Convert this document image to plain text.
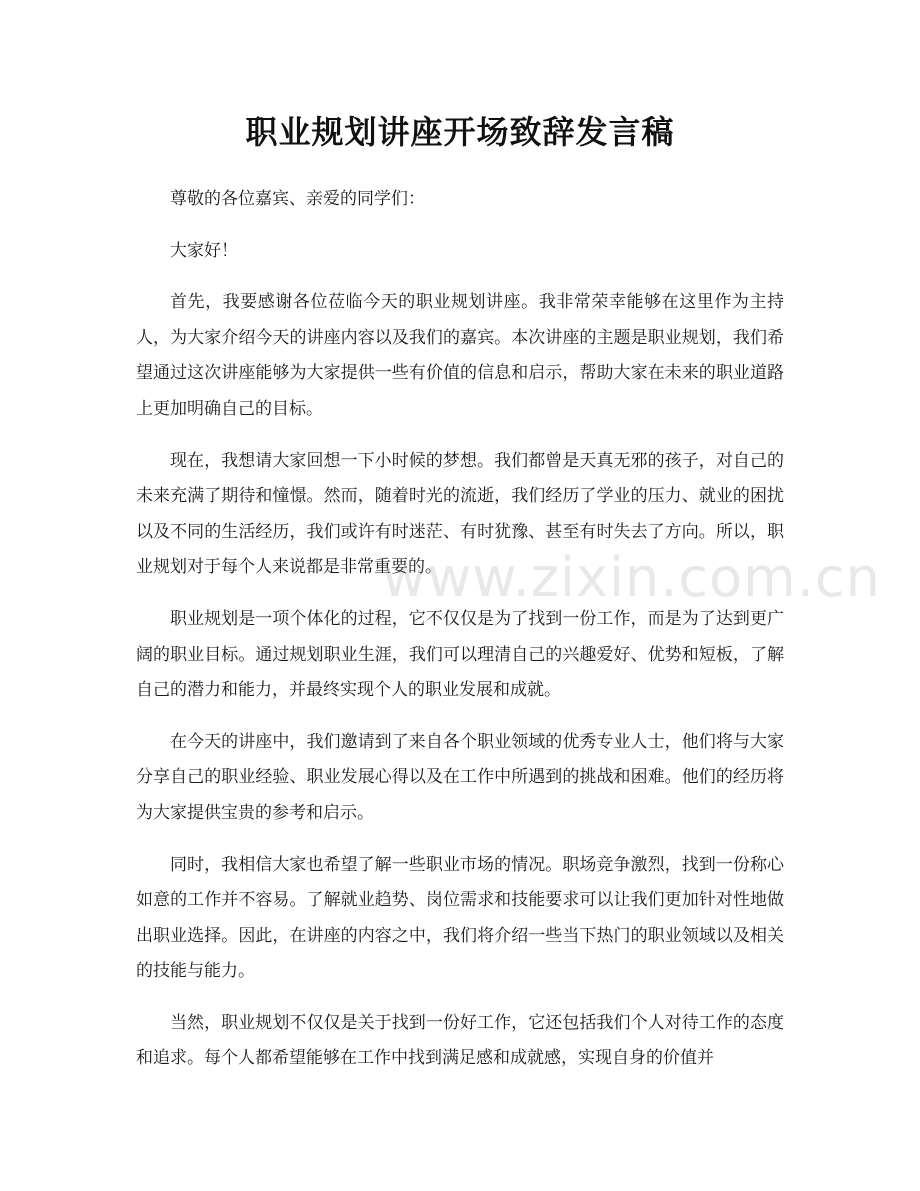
职业规划讲座开场致辞发言稿

尊敬的各位嘉宾、亲爱的同学们：

大家好！

首先，我要感谢各位莅临今天的职业规划讲座。我非常荣幸能够在这里作为主持人，为大家介绍今天的讲座内容以及我们的嘉宾。本次讲座的主题是职业规划，我们希望通过这次讲座能够为大家提供一些有价值的信息和启示，帮助大家在未来的职业道路上更加明确自己的目标。

现在，我想请大家回想一下小时候的梦想。我们都曾是天真无邪的孩子，对自己的未来充满了期待和憧憬。然而，随着时光的流逝，我们经历了学业的压力、就业的困扰以及不同的生活经历，我们或许有时迷茫、有时犹豫、甚至有时失去了方向。所以，职业规划对于每个人来说都是非常重要的。

职业规划是一项个体化的过程，它不仅仅是为了找到一份工作，而是为了达到更广阔的职业目标。通过规划职业生涯，我们可以理清自己的兴趣爱好、优势和短板，了解自己的潜力和能力，并最终实现个人的职业发展和成就。

在今天的讲座中，我们邀请到了来自各个职业领域的优秀专业人士，他们将与大家分享自己的职业经验、职业发展心得以及在工作中所遇到的挑战和困难。他们的经历将为大家提供宝贵的参考和启示。

同时，我相信大家也希望了解一些职业市场的情况。职场竞争激烈，找到一份称心如意的工作并不容易。了解就业趋势、岗位需求和技能要求可以让我们更加针对性地做出职业选择。因此，在讲座的内容之中，我们将介绍一些当下热门的职业领域以及相关的技能与能力。

当然，职业规划不仅仅是关于找到一份好工作，它还包括我们个人对待工作的态度和追求。每个人都希望能够在工作中找到满足感和成就感，实现自身的价值并

www.zixin.com.cn
